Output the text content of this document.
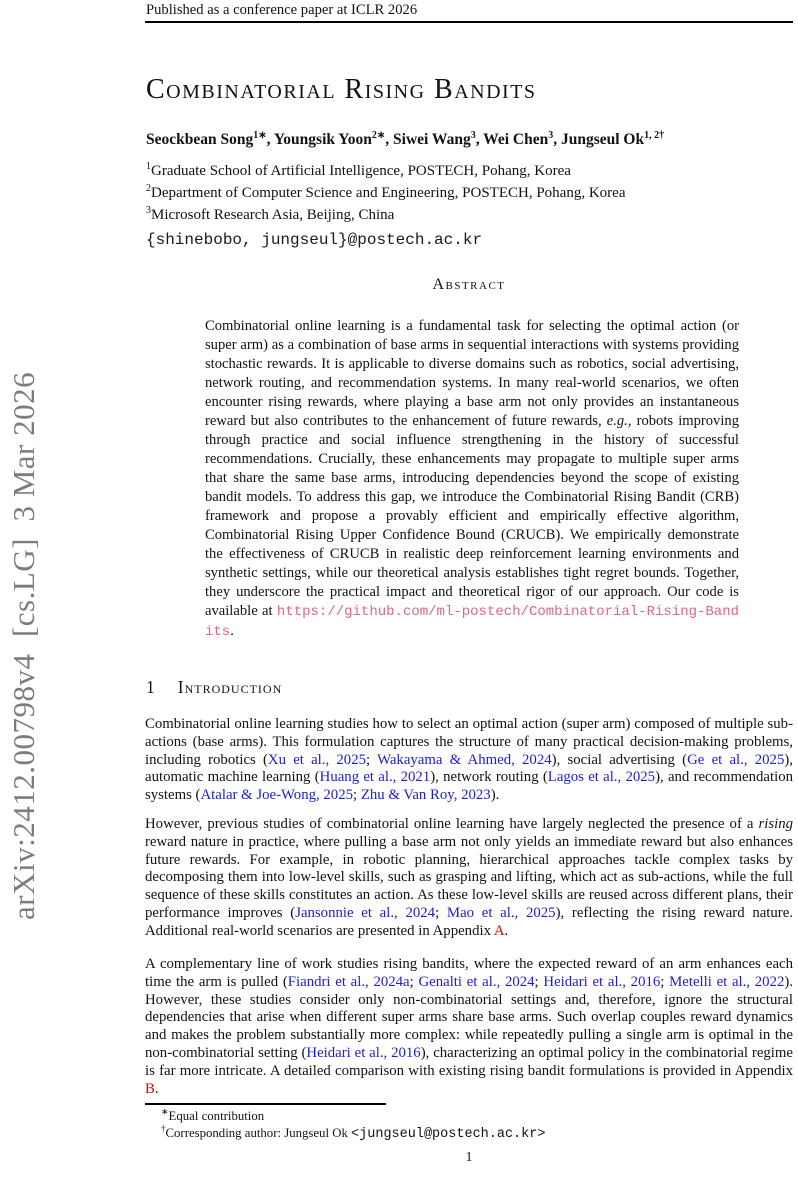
arXiv:2412.00798v4  [cs.LG]  3 Mar 2026
Published as a conference paper at ICLR 2026
Combinatorial Rising Bandits
Seockbean Song$^{1∗}$, Youngsik Yoon$^{2∗}$, Siwei Wang$^3$, Wei Chen$^3$, Jungseul $Ok^{1, 2\dagger}$
$^1$Graduate School of Artificial Intelligence, POSTECH, Pohang, Korea
$^2$Department of Computer Science and Engineering, POSTECH, Pohang, Korea
$^3$Microsoft Research Asia, Beijing, China
{shinebobo, jungseul}@postech.ac.kr
Abstract
Combinatorial online learning is a fundamental task for selecting the optimal action (or super arm) as a combination of base arms in sequential interactions with systems providing stochastic rewards. It is applicable to diverse domains such as robotics, social advertising, network routing, and recommendation systems. In many real-world scenarios, we often encounter rising rewards, where playing a base arm not only provides an instantaneous reward but also contributes to the enhancement of future rewards, e.g., robots improving through practice and social influence strengthening in the history of successful recommendations. Crucially, these enhancements may propagate to multiple super arms that share the same base arms, introducing dependencies beyond the scope of existing bandit models. To address this gap, we introduce the Combinatorial Rising Bandit (CRB) framework and propose a provably efficient and empirically effective algorithm, Combinatorial Rising Upper Confidence Bound (CRUCB). We empirically demonstrate the effectiveness of CRUCB in realistic deep reinforcement learning environments and synthetic settings, while our theoretical analysis establishes tight regret bounds. Together, they underscore the practical impact and theoretical rigor of our approach. Our code is available at https://github.com/ml-postech/Combinatorial-Rising-Bandits.
1 Introduction
Combinatorial online learning studies how to select an optimal action (super arm) composed of multiple sub-actions (base arms). This formulation captures the structure of many practical decision-making problems, including robotics (Xu et al., 2025; Wakayama & Ahmed, 2024), social advertising (Ge et al., 2025), automatic machine learning (Huang et al., 2021), network routing (Lagos et al., 2025), and recommendation systems (Atalar & Joe-Wong, 2025; Zhu & Van Roy, 2023).
However, previous studies of combinatorial online learning have largely neglected the presence of a rising reward nature in practice, where pulling a base arm not only yields an immediate reward but also enhances future rewards. For example, in robotic planning, hierarchical approaches tackle complex tasks by decomposing them into low-level skills, such as grasping and lifting, which act as sub-actions, while the full sequence of these skills constitutes an action. As these low-level skills are reused across different plans, their performance improves (Jansonnie et al., 2024; Mao et al., 2025), reflecting the rising reward nature. Additional real-world scenarios are presented in Appendix A.
A complementary line of work studies rising bandits, where the expected reward of an arm enhances each time the arm is pulled (Fiandri et al., 2024a; Genalti et al., 2024; Heidari et al., 2016; Metelli et al., 2022). However, these studies consider only non-combinatorial settings and, therefore, ignore the structural dependencies that arise when different super arms share base arms. Such overlap couples reward dynamics and makes the problem substantially more complex: while repeatedly pulling a single arm is optimal in the non-combinatorial setting (Heidari et al., 2016), characterizing an optimal policy in the combinatorial regime is far more intricate. A detailed comparison with existing rising bandit formulations is provided in Appendix B.
∗Equal contribution
†Corresponding author: Jungseul Ok <jungseul@postech.ac.kr>
1
